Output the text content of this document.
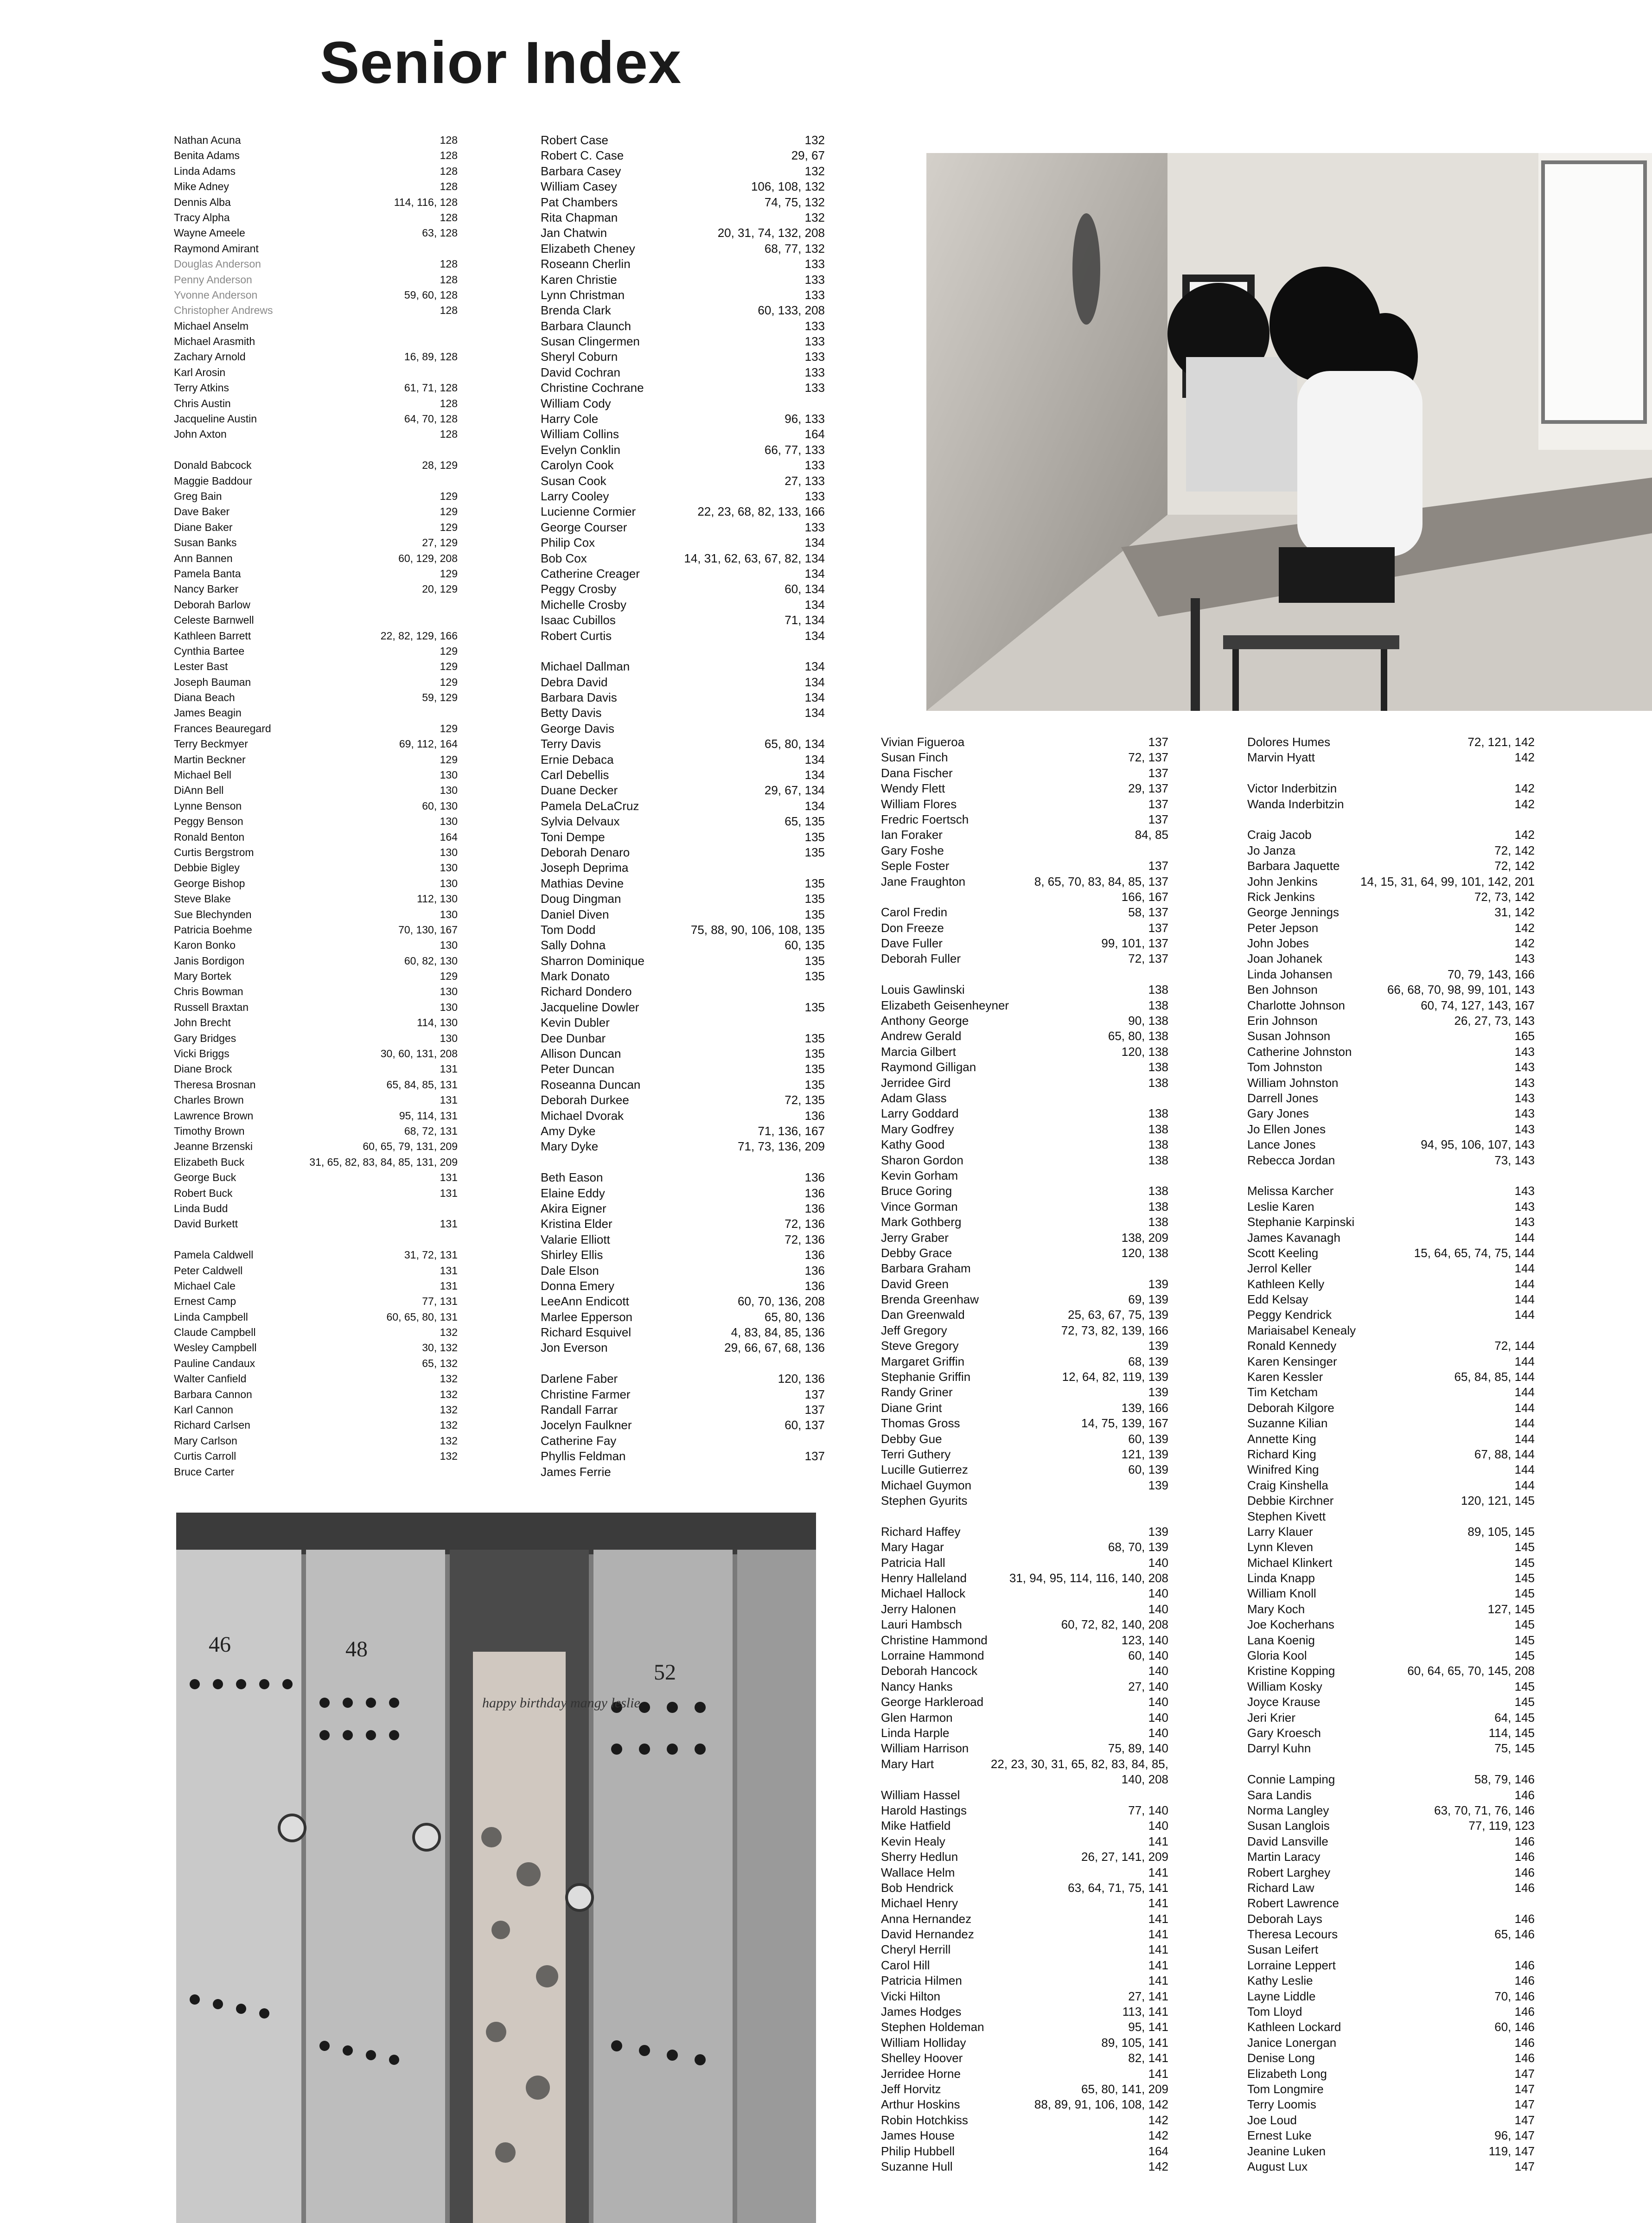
Senior Index
Nathan Acuna	128
Benita Adams	128
Linda Adams	128
Mike Adney	128
Dennis Alba	114, 116, 128
Tracy Alpha	128
Wayne Ameele	63, 128
Raymond Amirant
Douglas Anderson	128
Penny Anderson	128
Yvonne Anderson	59, 60, 128
Christopher Andrews	128
Michael Anselm
Michael Arasmith
Zachary Arnold	16, 89, 128
Karl Arosin
Terry Atkins	61, 71, 128
Chris Austin	128
Jacqueline Austin	64, 70, 128
John Axton	128
Donald Babcock	28, 129
Maggie Baddour
Greg Bain	129
Dave Baker	129
Diane Baker	129
Susan Banks	27, 129
Ann Bannen	60, 129, 208
Pamela Banta	129
Nancy Barker	20, 129
Deborah Barlow
Celeste Barnwell
Kathleen Barrett	22, 82, 129, 166
Cynthia Bartee	129
Lester Bast	129
Joseph Bauman	129
Diana Beach	59, 129
James Beagin
Frances Beauregard	129
Terry Beckmyer	69, 112, 164
Martin Beckner	129
Michael Bell	130
DiAnn Bell	130
Lynne Benson	60, 130
Peggy Benson	130
Ronald Benton	164
Curtis Bergstrom	130
Debbie Bigley	130
George Bishop	130
Steve Blake	112, 130
Sue Blechynden	130
Patricia Boehme	70, 130, 167
Karon Bonko	130
Janis Bordigon	60, 82, 130
Mary Bortek	129
Chris Bowman	130
Russell Braxtan	130
John Brecht	114, 130
Gary Bridges	130
Vicki Briggs	30, 60, 131, 208
Diane Brock	131
Theresa Brosnan	65, 84, 85, 131
Charles Brown	131
Lawrence Brown	95, 114, 131
Timothy Brown	68, 72, 131
Jeanne Brzenski	60, 65, 79, 131, 209
Elizabeth Buck	31, 65, 82, 83, 84, 85, 131, 209
George Buck	131
Robert Buck	131
Linda Budd
David Burkett	131
Pamela Caldwell	31, 72, 131
Peter Caldwell	131
Michael Cale	131
Ernest Camp	77, 131
Linda Campbell	60, 65, 80, 131
Claude Campbell	132
Wesley Campbell	30, 132
Pauline Candaux	65, 132
Walter Canfield	132
Barbara Cannon	132
Karl Cannon	132
Richard Carlsen	132
Mary Carlson	132
Curtis Carroll	132
Bruce Carter
Robert Case	132
Robert C. Case	29, 67
Barbara Casey	132
William Casey	106, 108, 132
Pat Chambers	74, 75, 132
Rita Chapman	132
Jan Chatwin	20, 31, 74, 132, 208
Elizabeth Cheney	68, 77, 132
Roseann Cherlin	133
Karen Christie	133
Lynn Christman	133
Brenda Clark	60, 133, 208
Barbara Claunch	133
Susan Clingermen	133
Sheryl Coburn	133
David Cochran	133
Christine Cochrane	133
William Cody
Harry Cole	96, 133
William Collins	164
Evelyn Conklin	66, 77, 133
Carolyn Cook	133
Susan Cook	27, 133
Larry Cooley	133
Lucienne Cormier	22, 23, 68, 82, 133, 166
George Courser	133
Philip Cox	134
Bob Cox	14, 31, 62, 63, 67, 82, 134
Catherine Creager	134
Peggy Crosby	60, 134
Michelle Crosby	134
Isaac Cubillos	71, 134
Robert Curtis	134
Michael Dallman	134
Debra David	134
Barbara Davis	134
Betty Davis	134
George Davis
Terry Davis	65, 80, 134
Ernie Debaca	134
Carl Debellis	134
Duane Decker	29, 67, 134
Pamela DeLaCruz	134
Sylvia Delvaux	65, 135
Toni Dempe	135
Deborah Denaro	135
Joseph Deprima
Mathias Devine	135
Doug Dingman	135
Daniel Diven	135
Tom Dodd	75, 88, 90, 106, 108, 135
Sally Dohna	60, 135
Sharron Dominique	135
Mark Donato	135
Richard Dondero
Jacqueline Dowler	135
Kevin Dubler
Dee Dunbar	135
Allison Duncan	135
Peter Duncan	135
Roseanna Duncan	135
Deborah Durkee	72, 135
Michael Dvorak	136
Amy Dyke	71, 136, 167
Mary Dyke	71, 73, 136, 209
Beth Eason	136
Elaine Eddy	136
Akira Eigner	136
Kristina Elder	72, 136
Valarie Elliott	72, 136
Shirley Ellis	136
Dale Elson	136
Donna Emery	136
LeeAnn Endicott	60, 70, 136, 208
Marlee Epperson	65, 80, 136
Richard Esquivel	4, 83, 84, 85, 136
Jon Everson	29, 66, 67, 68, 136
Darlene Faber	120, 136
Christine Farmer	137
Randall Farrar	137
Jocelyn Faulkner	60, 137
Catherine Fay
Phyllis Feldman	137
James Ferrie
Vivian Figueroa	137
Susan Finch	72, 137
Dana Fischer	137
Wendy Flett	29, 137
William Flores	137
Fredric Foertsch	137
Ian Foraker	84, 85
Gary Foshe
Seple Foster	137
Jane Fraughton	8, 65, 70, 83, 84, 85, 137
166, 167
Carol Fredin	58, 137
Don Freeze	137
Dave Fuller	99, 101, 137
Deborah Fuller	72, 137
Louis Gawlinski	138
Elizabeth Geisenheyner	138
Anthony George	90, 138
Andrew Gerald	65, 80, 138
Marcia Gilbert	120, 138
Raymond Gilligan	138
Jerridee Gird	138
Adam Glass
Larry Goddard	138
Mary Godfrey	138
Kathy Good	138
Sharon Gordon	138
Kevin Gorham
Bruce Goring	138
Vince Gorman	138
Mark Gothberg	138
Jerry Graber	138, 209
Debby Grace	120, 138
Barbara Graham
David Green	139
Brenda Greenhaw	69, 139
Dan Greenwald	25, 63, 67, 75, 139
Jeff Gregory	72, 73, 82, 139, 166
Steve Gregory	139
Margaret Griffin	68, 139
Stephanie Griffin	12, 64, 82, 119, 139
Randy Griner	139
Diane Grint	139, 166
Thomas Gross	14, 75, 139, 167
Debby Gue	60, 139
Terri Guthery	121, 139
Lucille Gutierrez	60, 139
Michael Guymon	139
Stephen Gyurits
Richard Haffey	139
Mary Hagar	68, 70, 139
Patricia Hall	140
Henry Halleland	31, 94, 95, 114, 116, 140, 208
Michael Hallock	140
Jerry Halonen	140
Lauri Hambsch	60, 72, 82, 140, 208
Christine Hammond	123, 140
Lorraine Hammond	60, 140
Deborah Hancock	140
Nancy Hanks	27, 140
George Harkleroad	140
Glen Harmon	140
Linda Harple	140
William Harrison	75, 89, 140
Mary Hart	22, 23, 30, 31, 65, 82, 83, 84, 85,
140, 208
William Hassel
Harold Hastings	77, 140
Mike Hatfield	140
Kevin Healy	141
Sherry Hedlun	26, 27, 141, 209
Wallace Helm	141
Bob Hendrick	63, 64, 71, 75, 141
Michael Henry	141
Anna Hernandez	141
David Hernandez	141
Cheryl Herrill	141
Carol Hill	141
Patricia Hilmen	141
Vicki Hilton	27, 141
James Hodges	113, 141
Stephen Holdeman	95, 141
William Holliday	89, 105, 141
Shelley Hoover	82, 141
Jerridee Horne	141
Jeff Horvitz	65, 80, 141, 209
Arthur Hoskins	88, 89, 91, 106, 108, 142
Robin Hotchkiss	142
James House	142
Philip Hubbell	164
Suzanne Hull	142
Dolores Humes	72, 121, 142
Marvin Hyatt	142
Victor Inderbitzin	142
Wanda Inderbitzin	142
Craig Jacob	142
Jo Janza	72, 142
Barbara Jaquette	72, 142
John Jenkins	14, 15, 31, 64, 99, 101, 142, 201
Rick Jenkins	72, 73, 142
George Jennings	31, 142
Peter Jepson	142
John Jobes	142
Joan Johanek	143
Linda Johansen	70, 79, 143, 166
Ben Johnson	66, 68, 70, 98, 99, 101, 143
Charlotte Johnson	60, 74, 127, 143, 167
Erin Johnson	26, 27, 73, 143
Susan Johnson	165
Catherine Johnston	143
Tom Johnston	143
William Johnston	143
Darrell Jones	143
Gary Jones	143
Jo Ellen Jones	143
Lance Jones	94, 95, 106, 107, 143
Rebecca Jordan	73, 143
Melissa Karcher	143
Leslie Karen	143
Stephanie Karpinski	143
James Kavanagh	144
Scott Keeling	15, 64, 65, 74, 75, 144
Jerrol Keller	144
Kathleen Kelly	144
Edd Kelsay	144
Peggy Kendrick	144
Mariaisabel Kenealy
Ronald Kennedy	72, 144
Karen Kensinger	144
Karen Kessler	65, 84, 85, 144
Tim Ketcham	144
Deborah Kilgore	144
Suzanne Kilian	144
Annette King	144
Richard King	67, 88, 144
Winifred King	144
Craig Kinshella	144
Debbie Kirchner	120, 121, 145
Stephen Kivett
Larry Klauer	89, 105, 145
Lynn Kleven	145
Michael Klinkert	145
Linda Knapp	145
William Knoll	145
Mary Koch	127, 145
Joe Kocherhans	145
Lana Koenig	145
Gloria Kool	145
Kristine Kopping	60, 64, 65, 70, 145, 208
William Kosky	145
Joyce Krause	145
Jeri Krier	64, 145
Gary Kroesch	114, 145
Darryl Kuhn	75, 145
Connie Lamping	58, 79, 146
Sara Landis	146
Norma Langley	63, 70, 71, 76, 146
Susan Langlois	77, 119, 123
David Lansville	146
Martin Laracy	146
Robert Larghey	146
Richard Law	146
Robert Lawrence
Deborah Lays	146
Theresa Lecours	65, 146
Susan Leifert
Lorraine Leppert	146
Kathy Leslie	146
Layne Liddle	70, 146
Tom Lloyd	146
Kathleen Lockard	60, 146
Janice Lonergan	146
Denise Long	146
Elizabeth Long	147
Tom Longmire	147
Terry Loomis	147
Joe Loud	147
Ernest Luke	96, 147
Jeanine Luken	119, 147
August Lux	147
46	48
52
happy birthday mangy leslie
